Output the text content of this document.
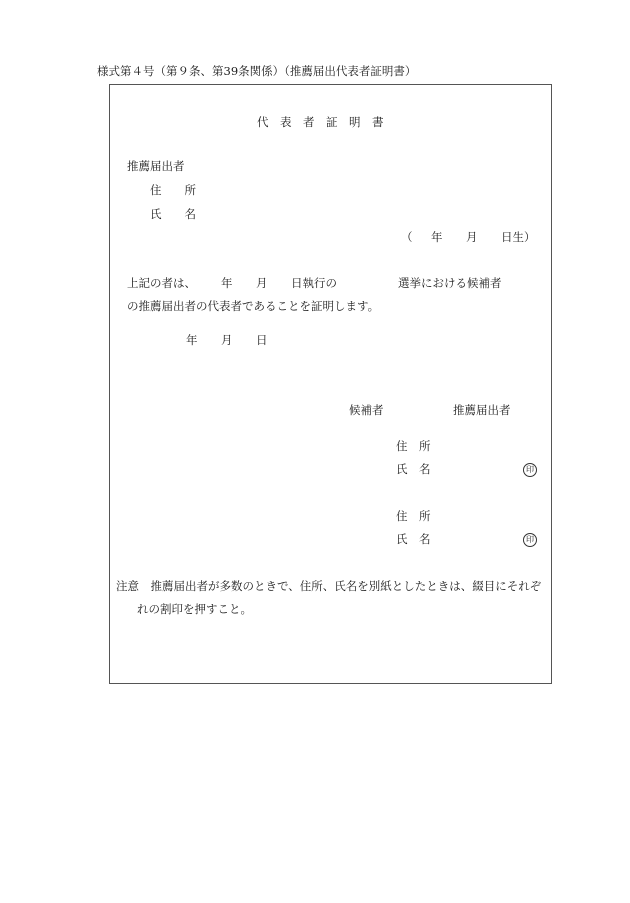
様式第４号（第９条、第39条関係）（推薦届出代表者証明書）
代　表　者　証　明　書
推薦届出者
住　　所
氏　　名
（ 年 月 日生）
上記の者は、 年 月 日執行の	選挙における候補者
の推薦届出者の代表者であることを証明します。
年 月 日
候補者	推薦届出者
住　所
氏　名	印
住　所
氏　名	印
注意　推薦届出者が多数のときで、住所、氏名を別紙としたときは、綴目にそれぞ
れの割印を押すこと。
